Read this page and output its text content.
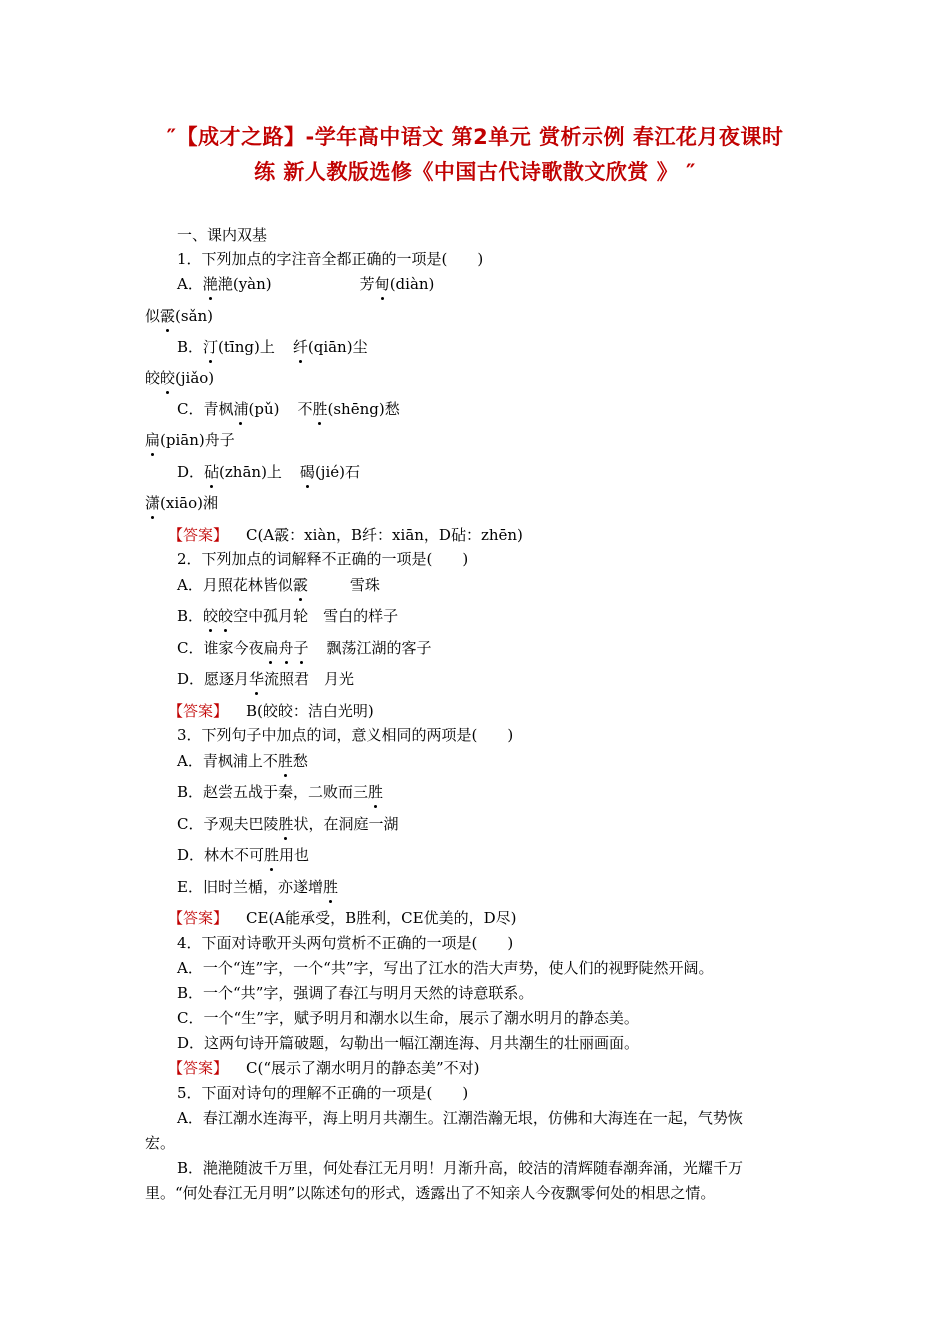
″【成才之路】-学年高中语文 第2单元 赏析示例 春江花月夜课时
练 新人教版选修《中国古代诗歌散文欣赏 》 ″
一、课内双基
1．下列加点的字注音全都正确的一项是(　　)
A．滟滟(yàn)	芳甸(diàn)
似霰(sǎn)
B．汀(tīng)上 纤(qiān)尘
皎皎(jiǎo)
C．青枫浦(pǔ) 不胜(shēng)愁
扁(piān)舟子
D．砧(zhān)上 碣(jié)石
潇(xiāo)湘
【答案】 C(A霰：xiàn，B纤：xiān，D砧：zhēn)
2．下列加点的词解释不正确的一项是(　　)
A．月照花林皆似霰	雪珠
B．皎皎空中孤月轮　雪白的样子
C．谁家今夜扁舟子 飘荡江湖的客子
D．愿逐月华流照君　月光
【答案】 B(皎皎：洁白光明)
3．下列句子中加点的词，意义相同的两项是(　　)
A．青枫浦上不胜愁
B．赵尝五战于秦，二败而三胜
C．予观夫巴陵胜状，在洞庭一湖
D．林木不可胜用也
E．旧时兰楯，亦遂增胜
【答案】 CE(A能承受，B胜利，CE优美的，D尽)
4．下面对诗歌开头两句赏析不正确的一项是(　　)
A．一个“连”字，一个“共”字，写出了江水的浩大声势，使人们的视野陡然开阔。
B．一个“共”字，强调了春江与明月天然的诗意联系。
C．一个“生”字，赋予明月和潮水以生命，展示了潮水明月的静态美。
D．这两句诗开篇破题，勾勒出一幅江潮连海、月共潮生的壮丽画面。
【答案】 C(“展示了潮水明月的静态美”不对)
5．下面对诗句的理解不正确的一项是(　　)
A．春江潮水连海平，海上明月共潮生。江潮浩瀚无垠，仿佛和大海连在一起，气势恢
宏。
B．滟滟随波千万里，何处春江无月明！月渐升高，皎洁的清辉随春潮奔涌，光耀千万
里。“何处春江无月明”以陈述句的形式，透露出了不知亲人今夜飘零何处的相思之情。
